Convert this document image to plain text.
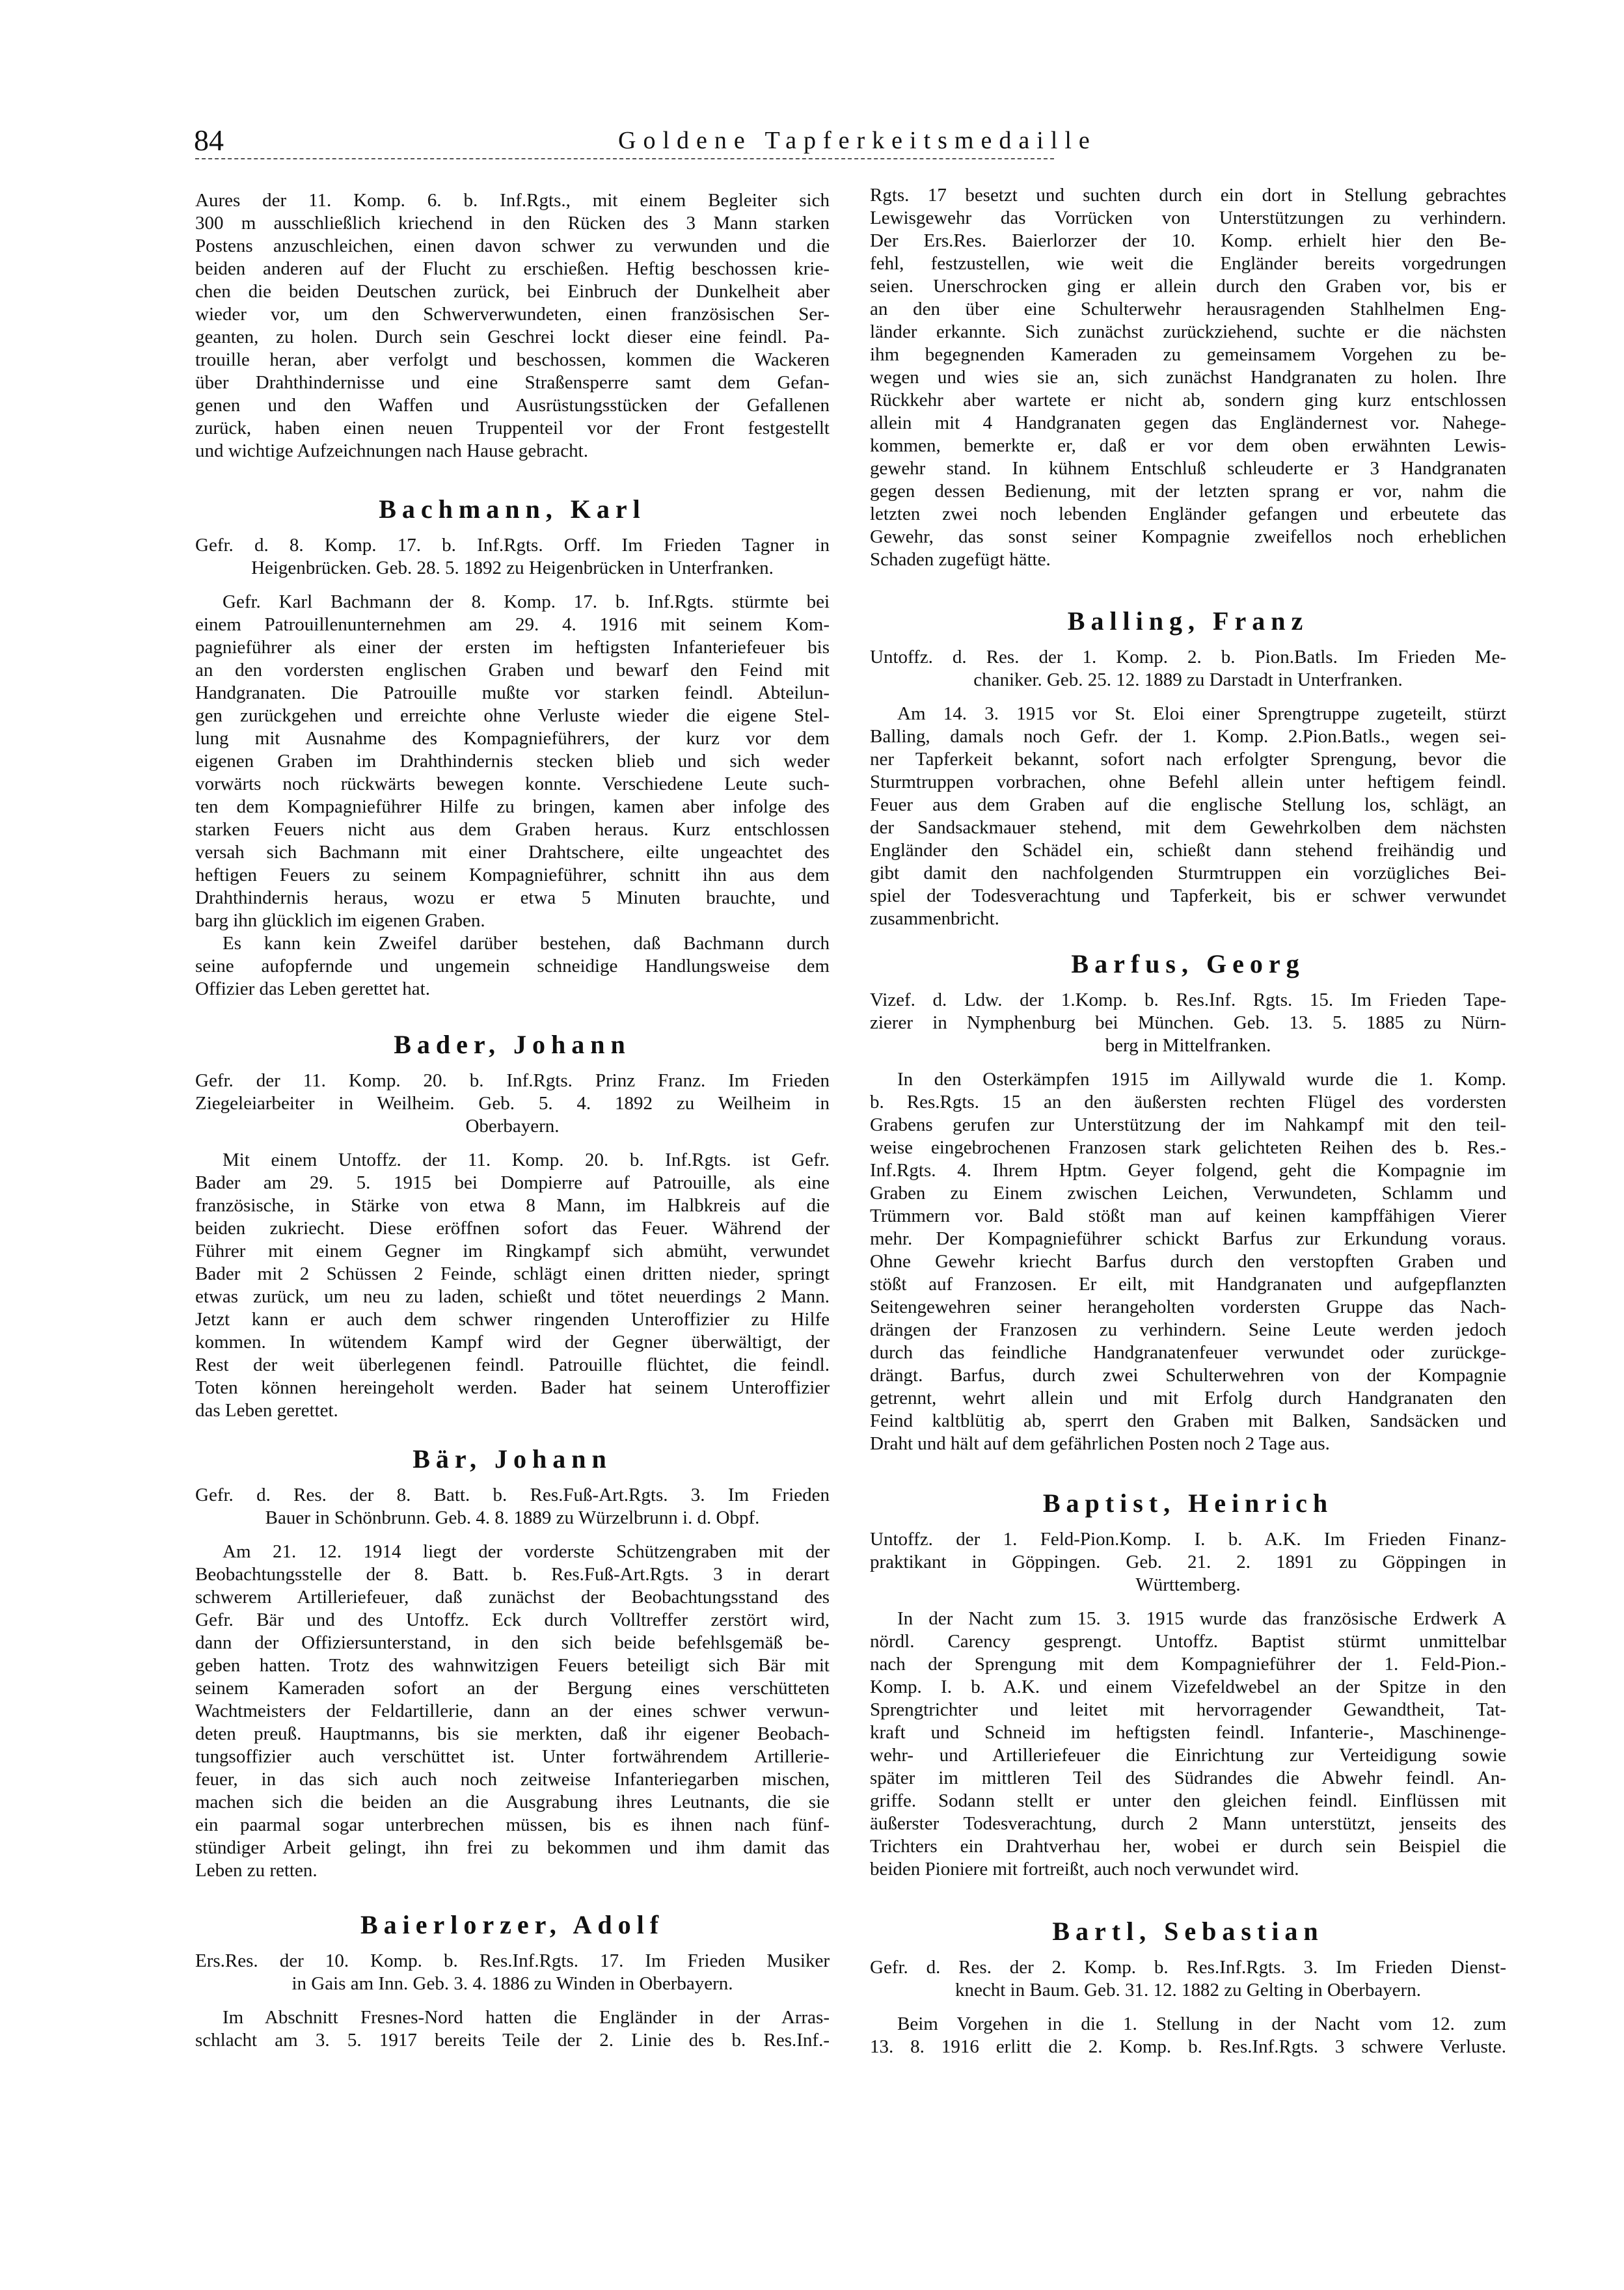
84	Goldene Tapferkeitsmedaille
Aures der 11. Komp. 6. b. Inf.Rgts., mit einem Begleiter sich
300 m ausschließlich kriechend in den Rücken des 3 Mann starken
Postens anzuschleichen, einen davon schwer zu verwunden und die
beiden anderen auf der Flucht zu erschießen. Heftig beschossen krie-
chen die beiden Deutschen zurück, bei Einbruch der Dunkelheit aber
wieder vor, um den Schwerverwundeten, einen französischen Ser-
geanten, zu holen. Durch sein Geschrei lockt dieser eine feindl. Pa-
trouille heran, aber verfolgt und beschossen, kommen die Wackeren
über Drahthindernisse und eine Straßensperre samt dem Gefan-
genen und den Waffen und Ausrüstungsstücken der Gefallenen
zurück, haben einen neuen Truppenteil vor der Front festgestellt
und wichtige Aufzeichnungen nach Hause gebracht.
Bachmann, Karl
Gefr. d. 8. Komp. 17. b. Inf.Rgts. Orff. Im Frieden Tagner in
Heigenbrücken. Geb. 28. 5. 1892 zu Heigenbrücken in Unterfranken.
Gefr. Karl Bachmann der 8. Komp. 17. b. Inf.Rgts. stürmte bei
einem Patrouillenunternehmen am 29. 4. 1916 mit seinem Kom-
pagnieführer als einer der ersten im heftigsten Infanteriefeuer bis
an den vordersten englischen Graben und bewarf den Feind mit
Handgranaten. Die Patrouille mußte vor starken feindl. Abteilun-
gen zurückgehen und erreichte ohne Verluste wieder die eigene Stel-
lung mit Ausnahme des Kompagnieführers, der kurz vor dem
eigenen Graben im Drahthindernis stecken blieb und sich weder
vorwärts noch rückwärts bewegen konnte. Verschiedene Leute such-
ten dem Kompagnieführer Hilfe zu bringen, kamen aber infolge des
starken Feuers nicht aus dem Graben heraus. Kurz entschlossen
versah sich Bachmann mit einer Drahtschere, eilte ungeachtet des
heftigen Feuers zu seinem Kompagnieführer, schnitt ihn aus dem
Drahthindernis heraus, wozu er etwa 5 Minuten brauchte, und
barg ihn glücklich im eigenen Graben.
Es kann kein Zweifel darüber bestehen, daß Bachmann durch
seine aufopfernde und ungemein schneidige Handlungsweise dem
Offizier das Leben gerettet hat.
Bader, Johann
Gefr. der 11. Komp. 20. b. Inf.Rgts. Prinz Franz. Im Frieden
Ziegeleiarbeiter in Weilheim. Geb. 5. 4. 1892 zu Weilheim in
Oberbayern.
Mit einem Untoffz. der 11. Komp. 20. b. Inf.Rgts. ist Gefr.
Bader am 29. 5. 1915 bei Dompierre auf Patrouille, als eine
französische, in Stärke von etwa 8 Mann, im Halbkreis auf die
beiden zukriecht. Diese eröffnen sofort das Feuer. Während der
Führer mit einem Gegner im Ringkampf sich abmüht, verwundet
Bader mit 2 Schüssen 2 Feinde, schlägt einen dritten nieder, springt
etwas zurück, um neu zu laden, schießt und tötet neuerdings 2 Mann.
Jetzt kann er auch dem schwer ringenden Unteroffizier zu Hilfe
kommen. In wütendem Kampf wird der Gegner überwältigt, der
Rest der weit überlegenen feindl. Patrouille flüchtet, die feindl.
Toten können hereingeholt werden. Bader hat seinem Unteroffizier
das Leben gerettet.
Bär, Johann
Gefr. d. Res. der 8. Batt. b. Res.Fuß-Art.Rgts. 3. Im Frieden
Bauer in Schönbrunn. Geb. 4. 8. 1889 zu Würzelbrunn i. d. Obpf.
Am 21. 12. 1914 liegt der vorderste Schützengraben mit der
Beobachtungsstelle der 8. Batt. b. Res.Fuß-Art.Rgts. 3 in derart
schwerem Artilleriefeuer, daß zunächst der Beobachtungsstand des
Gefr. Bär und des Untoffz. Eck durch Volltreffer zerstört wird,
dann der Offiziersunterstand, in den sich beide befehlsgemäß be-
geben hatten. Trotz des wahnwitzigen Feuers beteiligt sich Bär mit
seinem Kameraden sofort an der Bergung eines verschütteten
Wachtmeisters der Feldartillerie, dann an der eines schwer verwun-
deten preuß. Hauptmanns, bis sie merkten, daß ihr eigener Beobach-
tungsoffizier auch verschüttet ist. Unter fortwährendem Artillerie-
feuer, in das sich auch noch zeitweise Infanteriegarben mischen,
machen sich die beiden an die Ausgrabung ihres Leutnants, die sie
ein paarmal sogar unterbrechen müssen, bis es ihnen nach fünf-
stündiger Arbeit gelingt, ihn frei zu bekommen und ihm damit das
Leben zu retten.
Baierlorzer, Adolf
Ers.Res. der 10. Komp. b. Res.Inf.Rgts. 17. Im Frieden Musiker
in Gais am Inn. Geb. 3. 4. 1886 zu Winden in Oberbayern.
Im Abschnitt Fresnes-Nord hatten die Engländer in der Arras-
schlacht am 3. 5. 1917 bereits Teile der 2. Linie des b. Res.Inf.-
Rgts. 17 besetzt und suchten durch ein dort in Stellung gebrachtes
Lewisgewehr das Vorrücken von Unterstützungen zu verhindern.
Der Ers.Res. Baierlorzer der 10. Komp. erhielt hier den Be-
fehl, festzustellen, wie weit die Engländer bereits vorgedrungen
seien. Unerschrocken ging er allein durch den Graben vor, bis er
an den über eine Schulterwehr herausragenden Stahlhelmen Eng-
länder erkannte. Sich zunächst zurückziehend, suchte er die nächsten
ihm begegnenden Kameraden zu gemeinsamem Vorgehen zu be-
wegen und wies sie an, sich zunächst Handgranaten zu holen. Ihre
Rückkehr aber wartete er nicht ab, sondern ging kurz entschlossen
allein mit 4 Handgranaten gegen das Engländernest vor. Nahege-
kommen, bemerkte er, daß er vor dem oben erwähnten Lewis-
gewehr stand. In kühnem Entschluß schleuderte er 3 Handgranaten
gegen dessen Bedienung, mit der letzten sprang er vor, nahm die
letzten zwei noch lebenden Engländer gefangen und erbeutete das
Gewehr, das sonst seiner Kompagnie zweifellos noch erheblichen
Schaden zugefügt hätte.
Balling, Franz
Untoffz. d. Res. der 1. Komp. 2. b. Pion.Batls. Im Frieden Me-
chaniker. Geb. 25. 12. 1889 zu Darstadt in Unterfranken.
Am 14. 3. 1915 vor St. Eloi einer Sprengtruppe zugeteilt, stürzt
Balling, damals noch Gefr. der 1. Komp. 2.Pion.Batls., wegen sei-
ner Tapferkeit bekannt, sofort nach erfolgter Sprengung, bevor die
Sturmtruppen vorbrachen, ohne Befehl allein unter heftigem feindl.
Feuer aus dem Graben auf die englische Stellung los, schlägt, an
der Sandsackmauer stehend, mit dem Gewehrkolben dem nächsten
Engländer den Schädel ein, schießt dann stehend freihändig und
gibt damit den nachfolgenden Sturmtruppen ein vorzügliches Bei-
spiel der Todesverachtung und Tapferkeit, bis er schwer verwundet
zusammenbricht.
Barfus, Georg
Vizef. d. Ldw. der 1.Komp. b. Res.Inf. Rgts. 15. Im Frieden Tape-
zierer in Nymphenburg bei München. Geb. 13. 5. 1885 zu Nürn-
berg in Mittelfranken.
In den Osterkämpfen 1915 im Aillywald wurde die 1. Komp.
b. Res.Rgts. 15 an den äußersten rechten Flügel des vordersten
Grabens gerufen zur Unterstützung der im Nahkampf mit den teil-
weise eingebrochenen Franzosen stark gelichteten Reihen des b. Res.-
Inf.Rgts. 4. Ihrem Hptm. Geyer folgend, geht die Kompagnie im
Graben zu Einem zwischen Leichen, Verwundeten, Schlamm und
Trümmern vor. Bald stößt man auf keinen kampffähigen Vierer
mehr. Der Kompagnieführer schickt Barfus zur Erkundung voraus.
Ohne Gewehr kriecht Barfus durch den verstopften Graben und
stößt auf Franzosen. Er eilt, mit Handgranaten und aufgepflanzten
Seitengewehren seiner herangeholten vordersten Gruppe das Nach-
drängen der Franzosen zu verhindern. Seine Leute werden jedoch
durch das feindliche Handgranatenfeuer verwundet oder zurückge-
drängt. Barfus, durch zwei Schulterwehren von der Kompagnie
getrennt, wehrt allein und mit Erfolg durch Handgranaten den
Feind kaltblütig ab, sperrt den Graben mit Balken, Sandsäcken und
Draht und hält auf dem gefährlichen Posten noch 2 Tage aus.
Baptist, Heinrich
Untoffz. der 1. Feld-Pion.Komp. I. b. A.K. Im Frieden Finanz-
praktikant in Göppingen. Geb. 21. 2. 1891 zu Göppingen in
Württemberg.
In der Nacht zum 15. 3. 1915 wurde das französische Erdwerk A
nördl. Carency gesprengt. Untoffz. Baptist stürmt unmittelbar
nach der Sprengung mit dem Kompagnieführer der 1. Feld-Pion.-
Komp. I. b. A.K. und einem Vizefeldwebel an der Spitze in den
Sprengtrichter und leitet mit hervorragender Gewandtheit, Tat-
kraft und Schneid im heftigsten feindl. Infanterie-, Maschinenge-
wehr- und Artilleriefeuer die Einrichtung zur Verteidigung sowie
später im mittleren Teil des Südrandes die Abwehr feindl. An-
griffe. Sodann stellt er unter den gleichen feindl. Einflüssen mit
äußerster Todesverachtung, durch 2 Mann unterstützt, jenseits des
Trichters ein Drahtverhau her, wobei er durch sein Beispiel die
beiden Pioniere mit fortreißt, auch noch verwundet wird.
Bartl, Sebastian
Gefr. d. Res. der 2. Komp. b. Res.Inf.Rgts. 3. Im Frieden Dienst-
knecht in Baum. Geb. 31. 12. 1882 zu Gelting in Oberbayern.
Beim Vorgehen in die 1. Stellung in der Nacht vom 12. zum
13. 8. 1916 erlitt die 2. Komp. b. Res.Inf.Rgts. 3 schwere Verluste.
